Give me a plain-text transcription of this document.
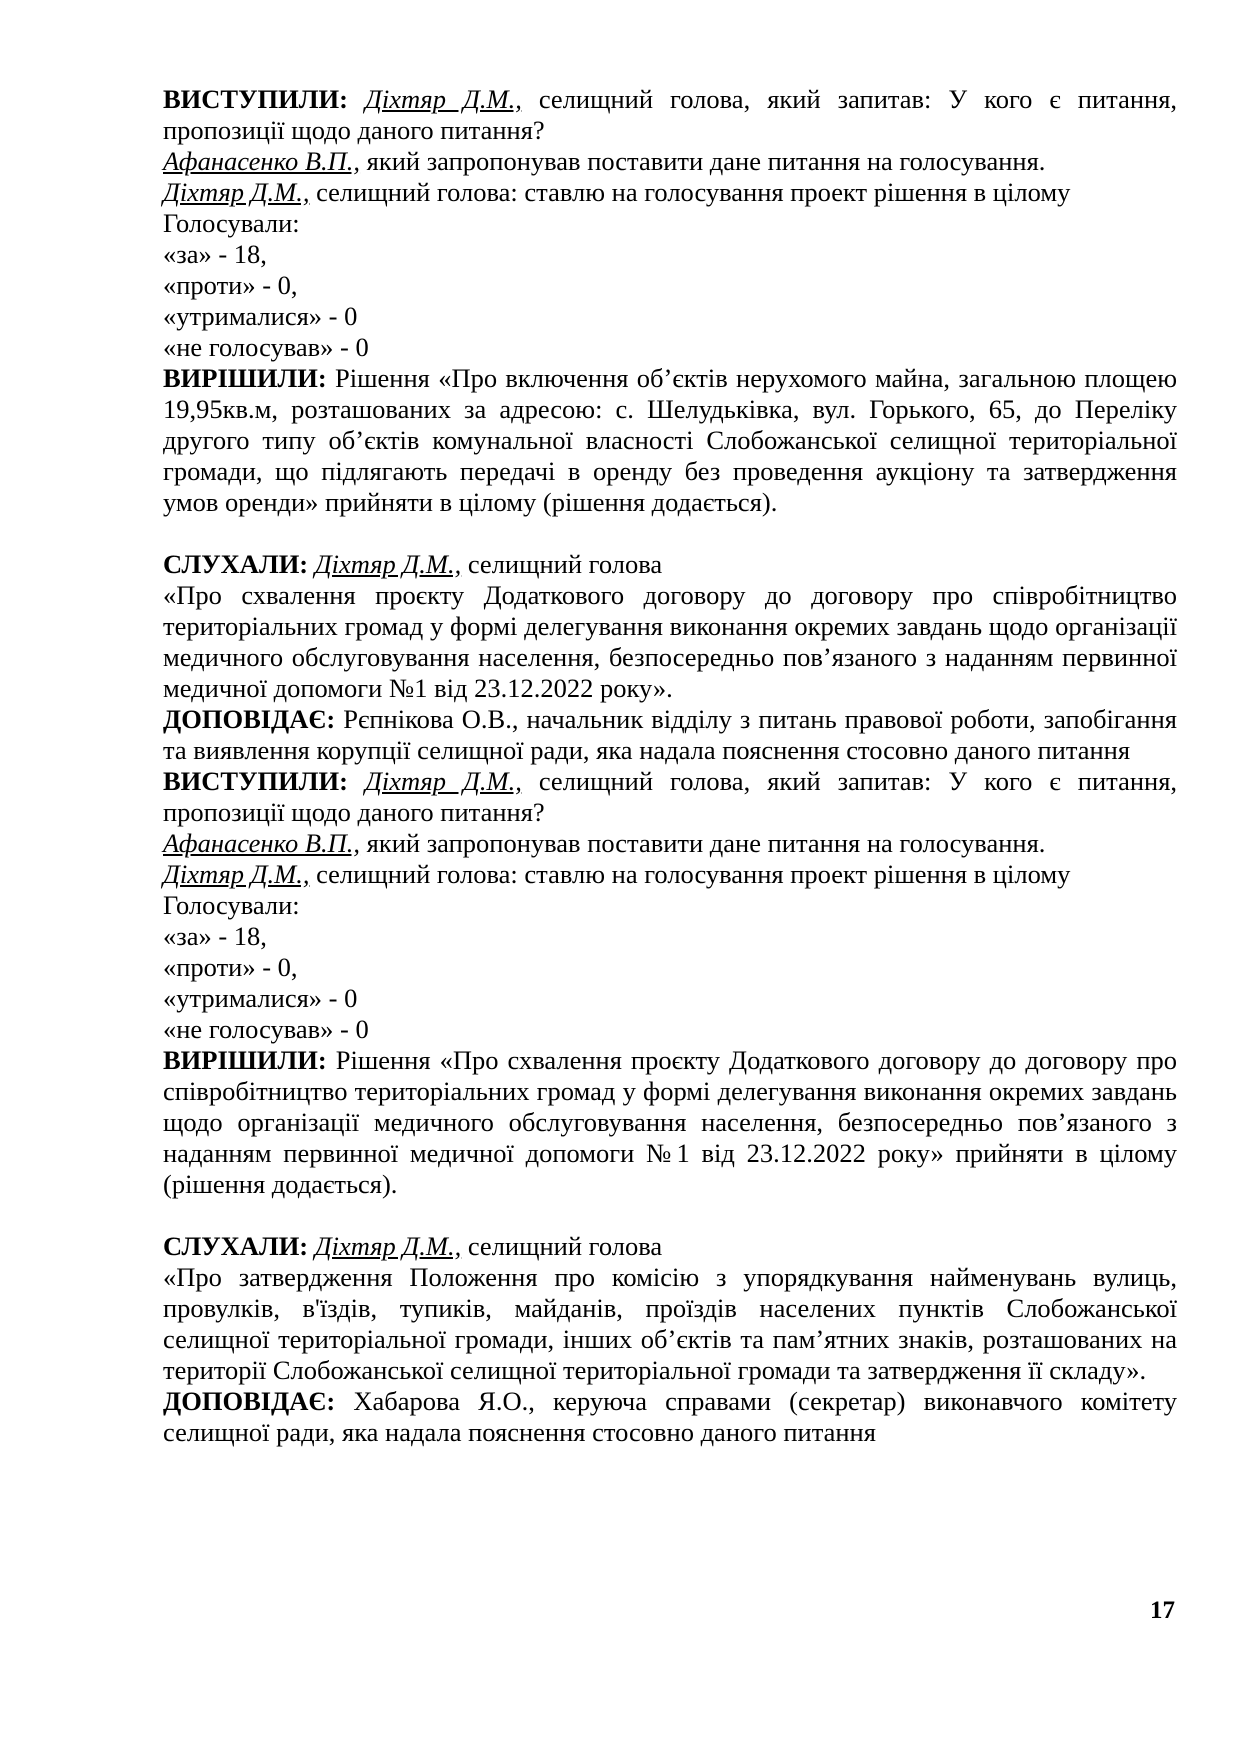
ВИСТУПИЛИ: Діхтяр Д.М., селищний голова, який запитав: У кого є питання, пропозиції щодо даного питання?

Афанасенко В.П., який запропонував поставити дане питання на голосування.

Діхтяр Д.М., селищний голова: ставлю на голосування проект рішення в цілому

Голосували:

«за» - 18,

«проти» - 0,

«утрималися» - 0

«не голосував» - 0

ВИРІШИЛИ: Рішення «Про включення об’єктів нерухомого майна, загальною площею 19,95кв.м, розташованих за адресою: с. Шелудьківка, вул. Горького, 65, до Переліку другого типу об’єктів комунальної власності Слобожанської селищної територіальної громади, що підлягають передачі в оренду без проведення аукціону та затвердження умов оренди» прийняти в цілому (рішення додається).

СЛУХАЛИ: Діхтяр Д.М., селищний голова

«Про схвалення проєкту Додаткового договору до договору про співробітництво територіальних громад у формі делегування виконання окремих завдань щодо організації медичного обслуговування населення, безпосередньо пов’язаного з наданням первинної медичної допомоги №1 від 23.12.2022 року».

ДОПОВІДАЄ: Рєпнікова О.В., начальник відділу з питань правової роботи, запобігання та виявлення корупції селищної ради, яка надала пояснення стосовно даного питання

ВИСТУПИЛИ: Діхтяр Д.М., селищний голова, який запитав: У кого є питання, пропозиції щодо даного питання?

Афанасенко В.П., який запропонував поставити дане питання на голосування.

Діхтяр Д.М., селищний голова: ставлю на голосування проект рішення в цілому

Голосували:

«за» - 18,

«проти» - 0,

«утрималися» - 0

«не голосував» - 0

ВИРІШИЛИ: Рішення «Про схвалення проєкту Додаткового договору до договору про співробітництво територіальних громад у формі делегування виконання окремих завдань щодо організації медичного обслуговування населення, безпосередньо пов’язаного з наданням первинної медичної допомоги №1 від 23.12.2022 року» прийняти в цілому (рішення додається).

СЛУХАЛИ: Діхтяр Д.М., селищний голова

«Про затвердження Положення про комісію з упорядкування найменувань вулиць, провулків, в'їздів, тупиків, майданів, проїздів населених пунктів Слобожанської селищної територіальної громади, інших об’єктів та пам’ятних знаків, розташованих на території Слобожанської селищної територіальної громади та затвердження її складу».

ДОПОВІДАЄ: Хабарова Я.О., керуюча справами (секретар) виконавчого комітету селищної ради, яка надала пояснення стосовно даного питання

17
